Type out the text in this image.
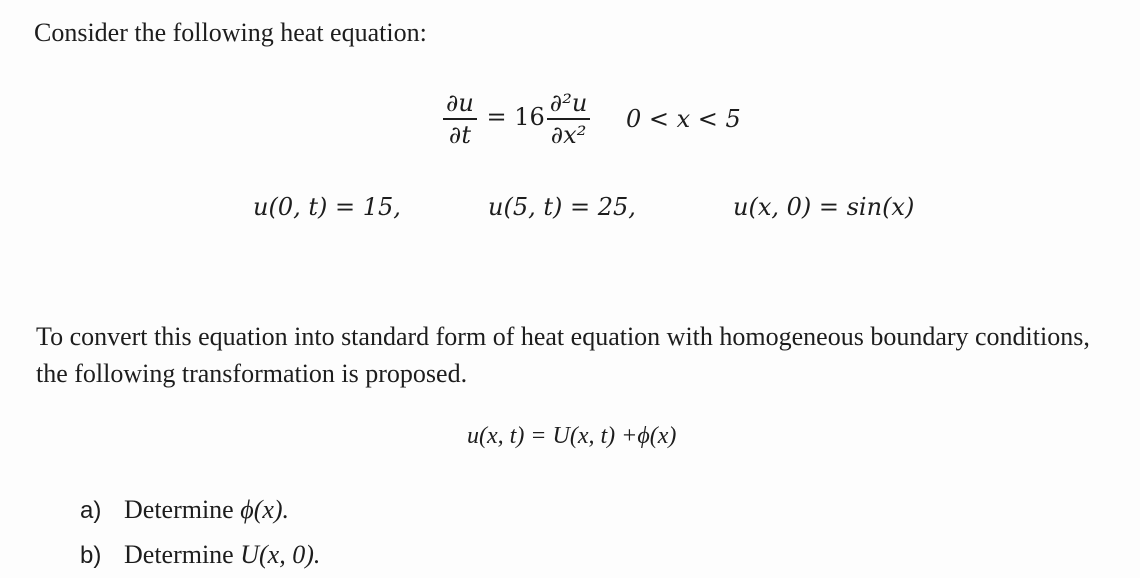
Consider the following heat equation:
$\frac{\partial u}{\partial t} = 16 \frac{\text{∂²u}}{\text{∂x²}} 0 < x < 5$
u(0, t) = 15,	u(5, t) = 25,	u(x, 0) = sin(x)
To convert this equation into standard form of heat equation with homogeneous boundary conditions, the following transformation is proposed.
u(x, t) = U(x, t) +ϕ(x)
a) Determine ϕ(x).
b) Determine U(x, 0).
